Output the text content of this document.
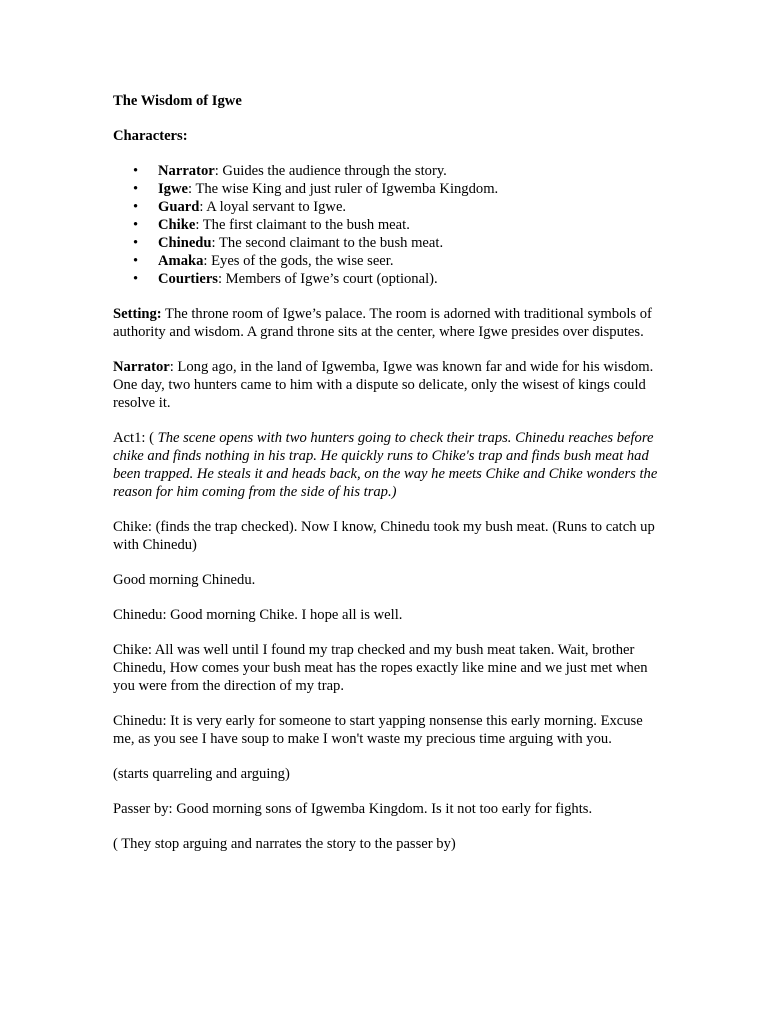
The Wisdom of Igwe

Characters:

• Narrator: Guides the audience through the story.
• Igwe: The wise King and just ruler of Igwemba Kingdom.
• Guard: A loyal servant to Igwe.
• Chike: The first claimant to the bush meat.
• Chinedu: The second claimant to the bush meat.
• Amaka: Eyes of the gods, the wise seer.
• Courtiers: Members of Igwe’s court (optional).

Setting: The throne room of Igwe’s palace. The room is adorned with traditional symbols of authority and wisdom. A grand throne sits at the center, where Igwe presides over disputes.

Narrator: Long ago, in the land of Igwemba, Igwe was known far and wide for his wisdom. One day, two hunters came to him with a dispute so delicate, only the wisest of kings could resolve it.

Act1: ( The scene opens with two hunters going to check their traps. Chinedu reaches before chike and finds nothing in his trap. He quickly runs to Chike's trap and finds bush meat had been trapped. He steals it and heads back, on the way he meets Chike and Chike wonders the reason for him coming from the side of his trap.)

Chike: (finds the trap checked). Now I know, Chinedu took my bush meat. (Runs to catch up with Chinedu)

Good morning Chinedu.

Chinedu: Good morning Chike. I hope all is well.

Chike: All was well until I found my trap checked and my bush meat taken. Wait, brother Chinedu, How comes your bush meat has the ropes exactly like mine and we just met when you were from the direction of my trap.

Chinedu: It is very early for someone to start yapping nonsense this early morning. Excuse me, as you see I have soup to make I won't waste my precious time arguing with you.

(starts quarreling and arguing)

Passer by: Good morning sons of Igwemba Kingdom. Is it not too early for fights.

( They stop arguing and narrates the story to the passer by)
